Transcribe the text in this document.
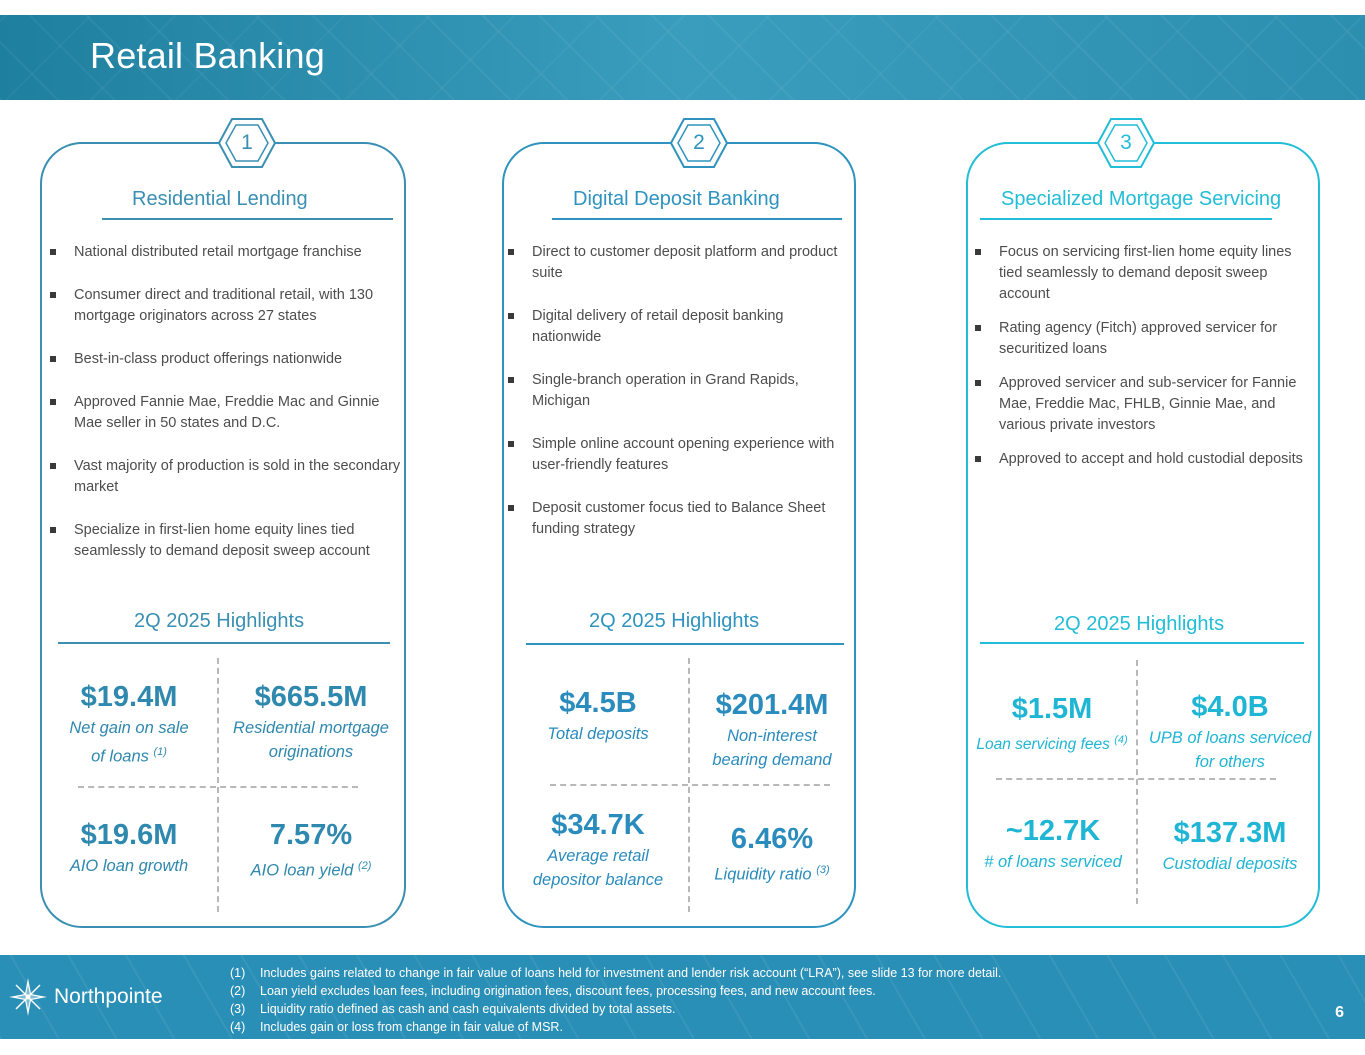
Retail Banking
1
Residential Lending
National distributed retail mortgage franchise
Consumer direct and traditional retail, with 130 mortgage originators across 27 states
Best-in-class product offerings nationwide
Approved Fannie Mae, Freddie Mac and Ginnie Mae seller in 50 states and D.C.
Vast majority of production is sold in the secondary market
Specialize in first-lien home equity lines tied seamlessly to demand deposit sweep account
2Q 2025 Highlights
$19.4M
Net gain on sale
of loans $^{(1)}$
$665.5M
Residential mortgage
originations
$19.6M
AIO loan growth
7.57%
AIO loan yield $^{(2)}$
2
Digital Deposit Banking
Direct to customer deposit platform and product suite
Digital delivery of retail deposit banking nationwide
Single-branch operation in Grand Rapids, Michigan
Simple online account opening experience with user-friendly features
Deposit customer focus tied to Balance Sheet funding strategy
2Q 2025 Highlights
$4.5B
Total deposits
$201.4M
Non-interest
bearing demand
$34.7K
Average retail
depositor balance
6.46%
Liquidity ratio $^{(3)}$
3
Specialized Mortgage Servicing
Focus on servicing first-lien home equity lines tied seamlessly to demand deposit sweep account
Rating agency (Fitch) approved servicer for securitized loans
Approved servicer and sub-servicer for Fannie Mae, Freddie Mac, FHLB, Ginnie Mae, and various private investors
Approved to accept and hold custodial deposits
2Q 2025 Highlights
$1.5M
Loan servicing fees $^{(4)}$
$4.0B
UPB of loans serviced
for others
~12.7K
# of loans serviced
$137.3M
Custodial deposits
Northpointe
(1) Includes gains related to change in fair value of loans held for investment and lender risk account (“LRA”), see slide 13 for more detail.
(2) Loan yield excludes loan fees, including origination fees, discount fees, processing fees, and new account fees.
(3) Liquidity ratio defined as cash and cash equivalents divided by total assets.
(4) Includes gain or loss from change in fair value of MSR.
6
